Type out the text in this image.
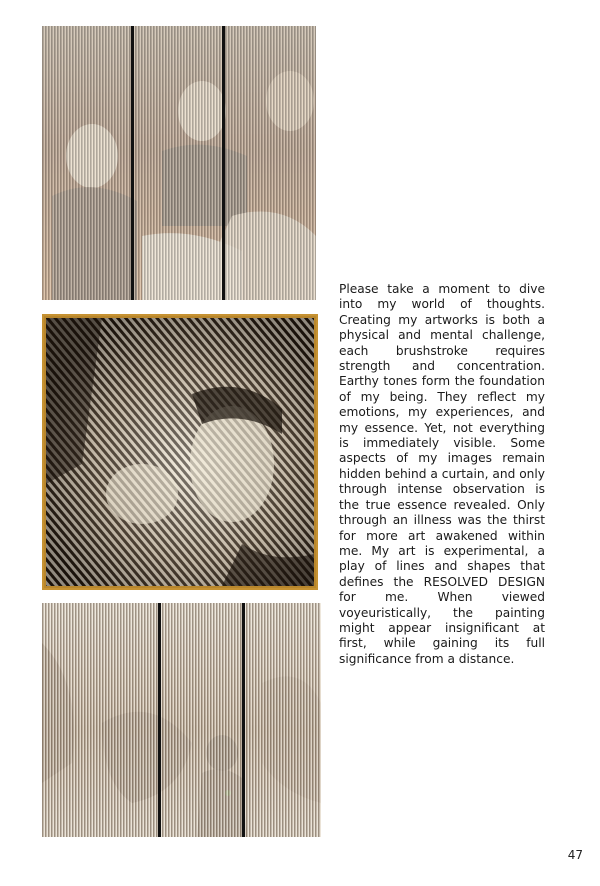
Please take a moment to dive into my world of thoughts. Creating my artworks is both a physical and mental challenge, each brushstroke requires strength and concentration. Earthy tones form the foundation of my being. They reflect my emotions, my experiences, and my essence. Yet, not everything is immediately visible. Some aspects of my images remain hidden behind a curtain, and only through intense observation is the true essence revealed. Only through an illness was the thirst for more art awakened within me. My art is experimental, a play of lines and shapes that defines the RESOLVED DESIGN for me. When viewed voyeuristically, the painting might appear insignificant at first, while gaining its full significance from a distance.

47
